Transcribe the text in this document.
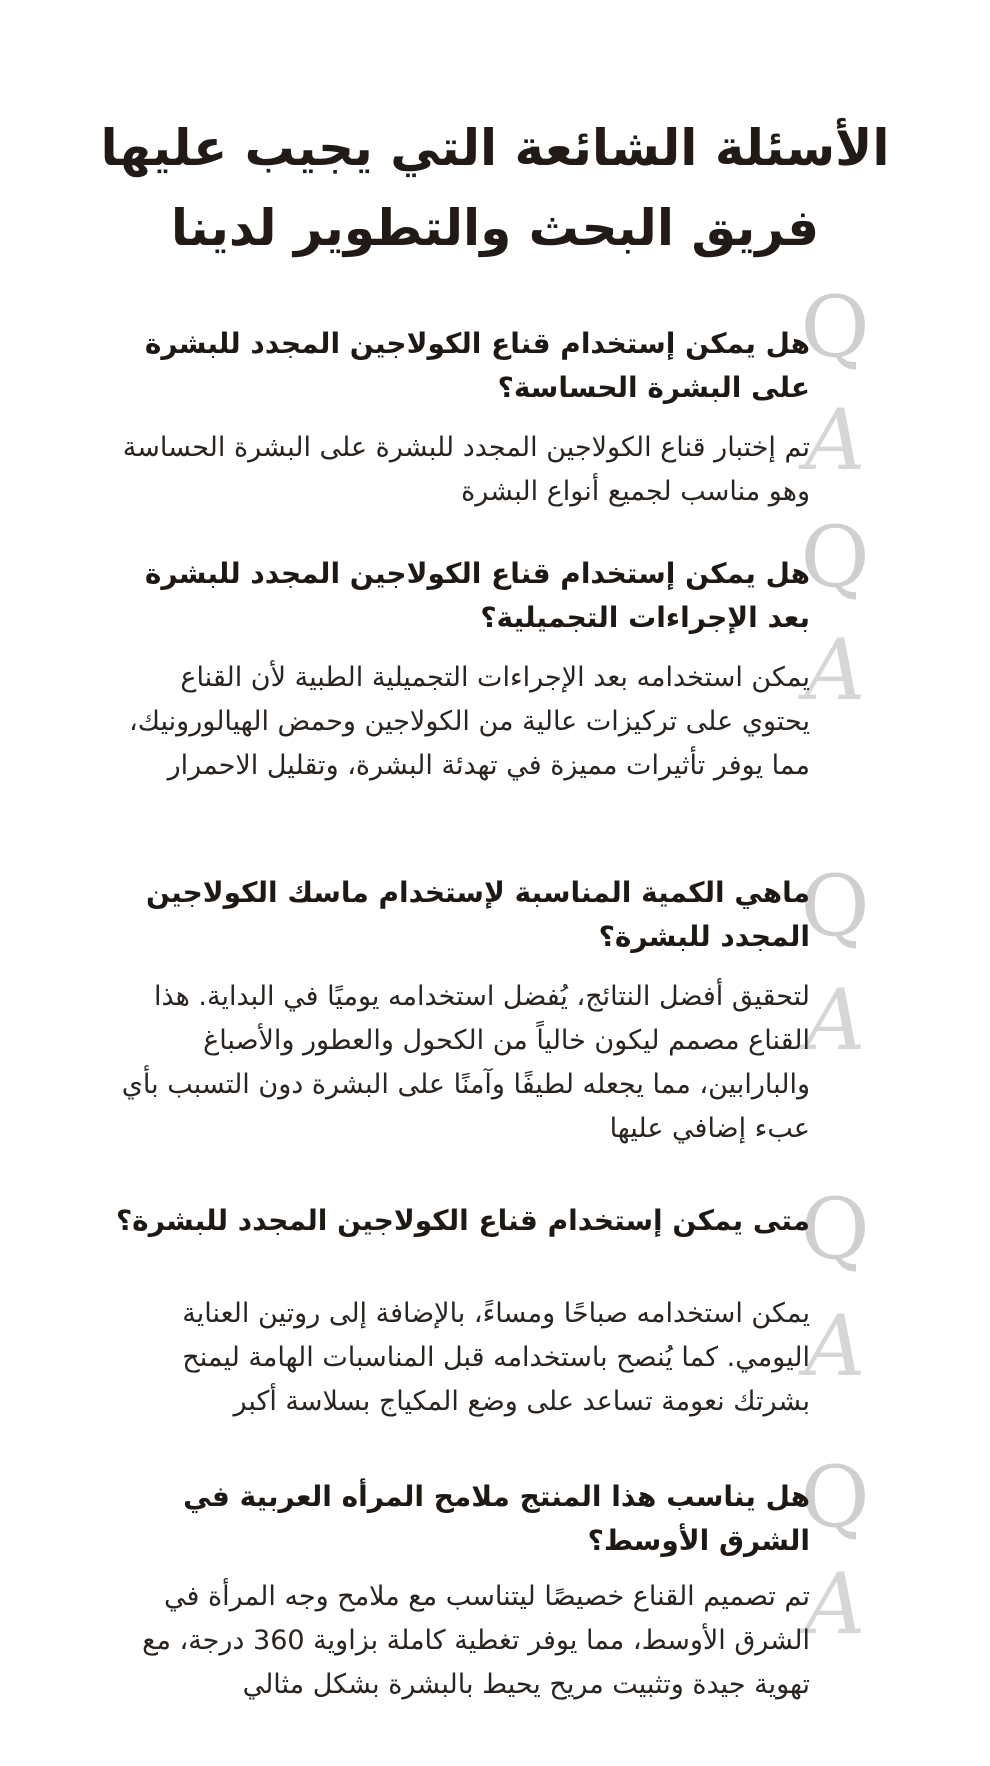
الأسئلة الشائعة التي يجيب عليها
فريق البحث والتطوير لدينا
Q

هل يمكن إستخدام قناع الكولاجين المجدد للبشرة على البشرة الحساسة؟

A

تم إختبار قناع الكولاجين المجدد للبشرة على البشرة الحساسة وهو مناسب لجميع أنواع البشرة

Q

هل يمكن إستخدام قناع الكولاجين المجدد للبشرة بعد الإجراءات التجميلية؟

A

يمكن استخدامه بعد الإجراءات التجميلية الطبية لأن القناع يحتوي على تركيزات عالية من الكولاجين وحمض الهيالورونيك، مما يوفر تأثيرات مميزة في تهدئة البشرة، وتقليل الاحمرار

Q

ماهي الكمية المناسبة لإستخدام ماسك الكولاجين المجدد للبشرة؟

A

لتحقيق أفضل النتائج، يُفضل استخدامه يوميًا في البداية. هذا القناع مصمم ليكون خالياً من الكحول والعطور والأصباغ والبارابين، مما يجعله لطيفًا وآمنًا على البشرة دون التسبب بأي عبء إضافي عليها

Q

متى يمكن إستخدام قناع الكولاجين المجدد للبشرة؟

A

يمكن استخدامه صباحًا ومساءً، بالإضافة إلى روتين العناية اليومي. كما يُنصح باستخدامه قبل المناسبات الهامة ليمنح بشرتك نعومة تساعد على وضع المكياج بسلاسة أكبر

Q

هل يناسب هذا المنتج ملامح المرأه العربية في الشرق الأوسط؟

A

تم تصميم القناع خصيصًا ليتناسب مع ملامح وجه المرأة في الشرق الأوسط، مما يوفر تغطية كاملة بزاوية 360 درجة، مع تهوية جيدة وتثبيت مريح يحيط بالبشرة بشكل مثالي
